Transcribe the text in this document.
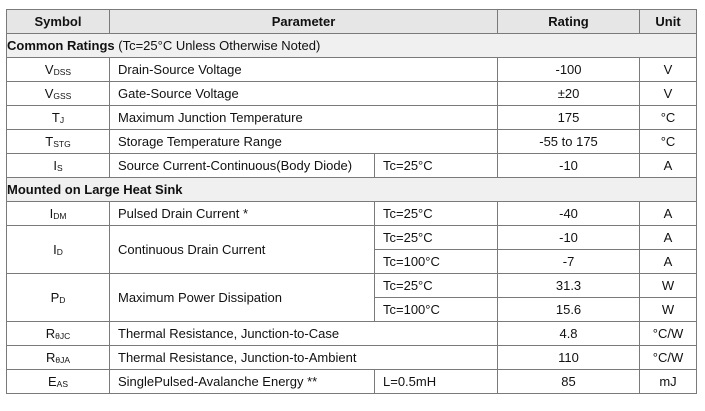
Symbol	Parameter		Rating	Unit
Common Ratings (Tc=25°C Unless Otherwise Noted)				
$V_{DSS}$	Drain-Source Voltage		-100	V
$V_{GSS}$	Gate-Source Voltage		±20	V
$T_J$	Maximum Junction Temperature		175	°C
$T_{STG}$	Storage Temperature Range		-55 to 175	°C
$I_S$	Source Current-Continuous(Body Diode)	Tc=25°C	-10	A
Mounted on Large Heat Sink				
$I_{DM}$	Pulsed Drain Current *	Tc=25°C	-40	A
$I_D$	Continuous Drain Current	Tc=25°C	-10	A
		Tc=100°C	-7	A
$P_D$	Maximum Power Dissipation	Tc=25°C	31.3	W
		Tc=100°C	15.6	W
$R_{\theta JC}$	Thermal Resistance, Junction-to-Case		4.8	°C/W
$R_{\theta JA}$	Thermal Resistance, Junction-to-Ambient		110	°C/W
$E_{AS}$	SinglePulsed-Avalanche Energy **	L=0.5mH	85	mJ
